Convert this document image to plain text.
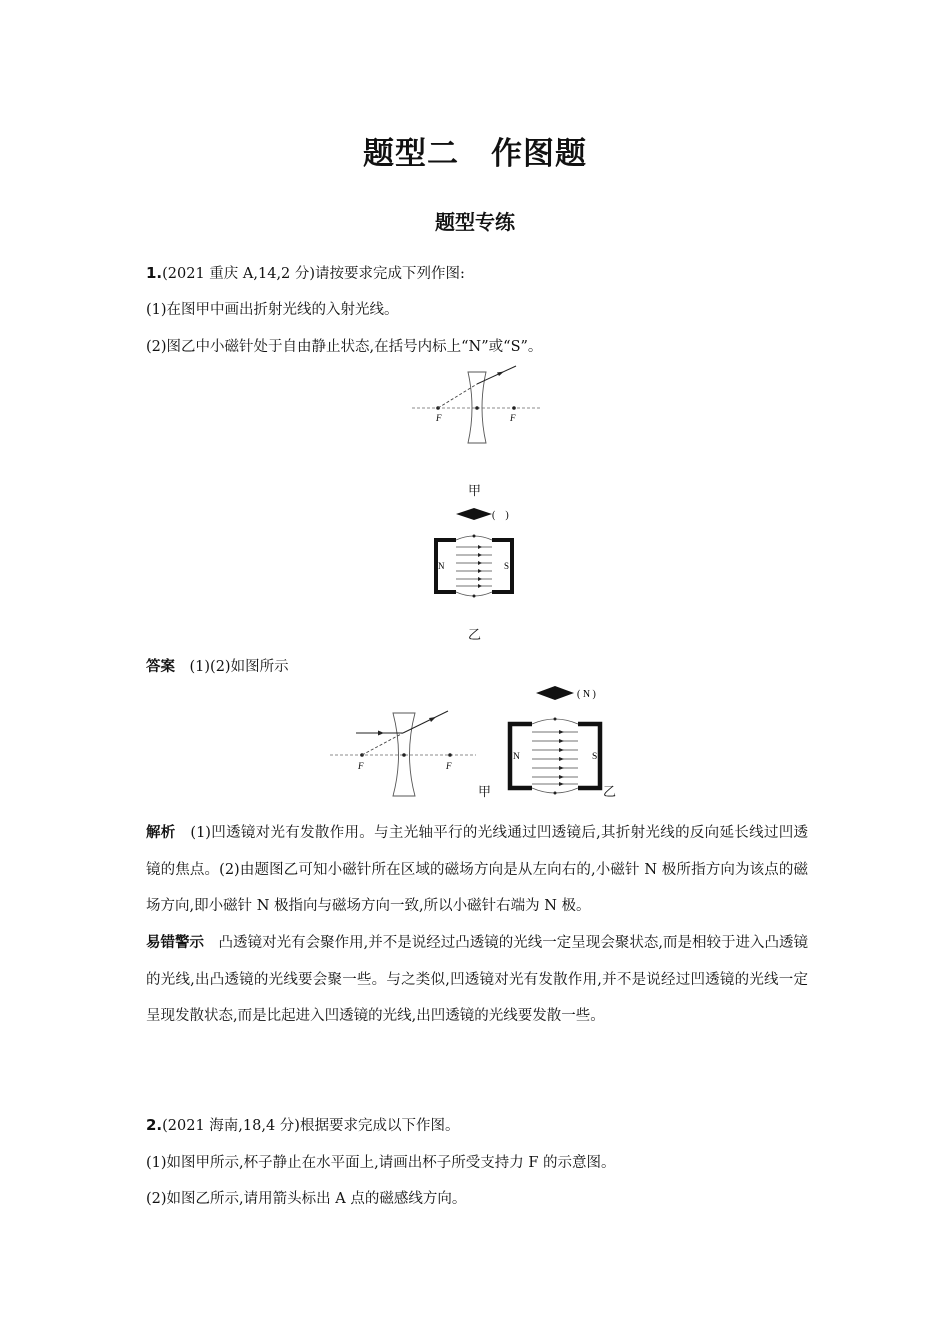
题型二　作图题
题型专练
1.(2021 重庆 A,14,2 分)请按要求完成下列作图:
(1)在图甲中画出折射光线的入射光线。
(2)图乙中小磁针处于自由静止状态,在括号内标上“N”或“S”。
F	F
甲
(　)
N	S
乙
答案　 (1)(2)如图所示
F	F
甲
( N )
N	S
乙
解析　 (1)凹透镜对光有发散作用。与主光轴平行的光线通过凹透镜后,其折射光线的反向延长线过凹透镜的焦点。(2)由题图乙可知小磁针所在区域的磁场方向是从左向右的,小磁针 N 极所指方向为该点的磁场方向,即小磁针 N 极指向与磁场方向一致,所以小磁针右端为 N 极。
易错警示　 凸透镜对光有会聚作用,并不是说经过凸透镜的光线一定呈现会聚状态,而是相较于进入凸透镜的光线,出凸透镜的光线要会聚一些。与之类似,凹透镜对光有发散作用,并不是说经过凹透镜的光线一定呈现发散状态,而是比起进入凹透镜的光线,出凹透镜的光线要发散一些。
2.(2021 海南,18,4 分)根据要求完成以下作图。
(1)如图甲所示,杯子静止在水平面上,请画出杯子所受支持力 F 的示意图。
(2)如图乙所示,请用箭头标出 A 点的磁感线方向。
